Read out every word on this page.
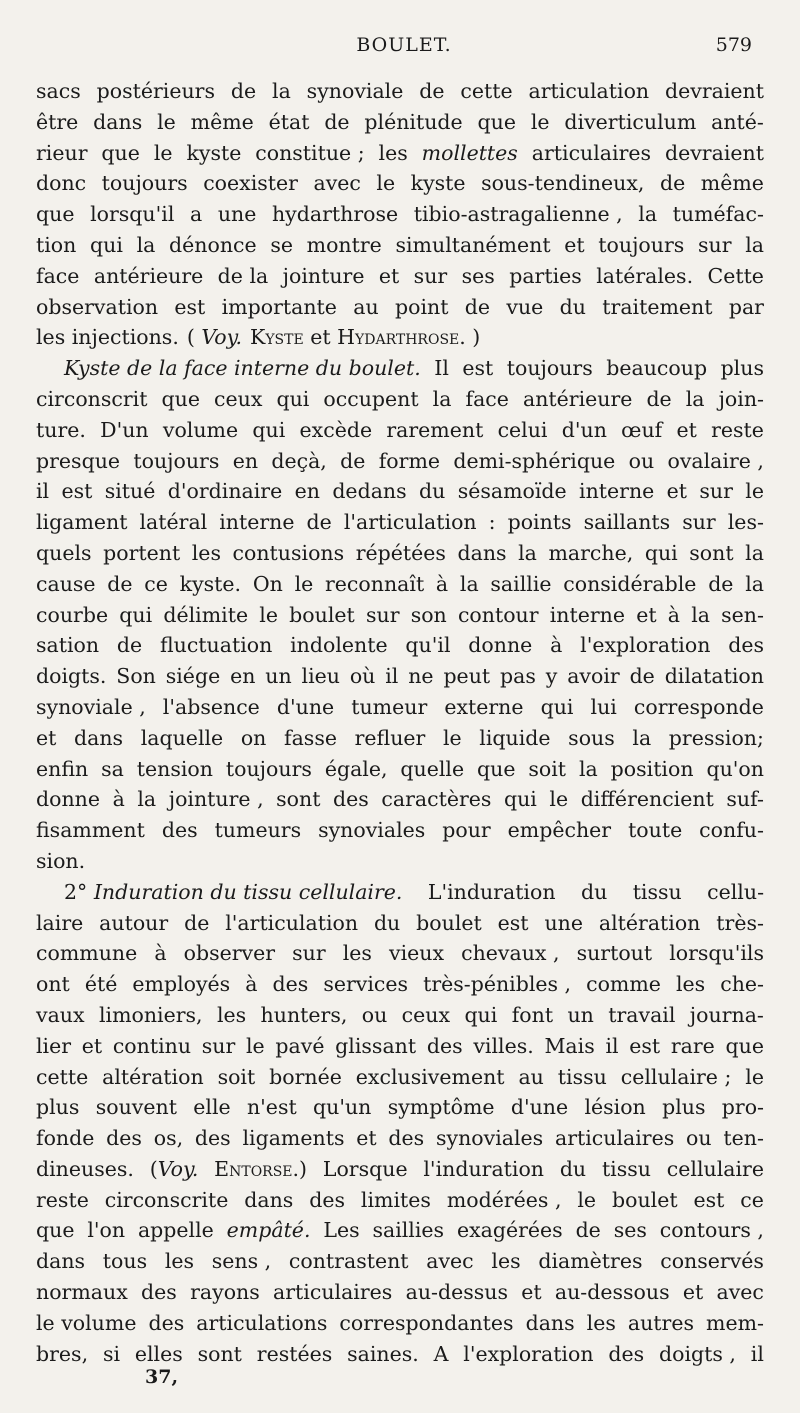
BOULET.	579
sacs postérieurs de la synoviale de cette articulation devraient
être dans le même état de plénitude que le diverticulum anté-
rieur que le kyste constitue ; les mollettes articulaires devraient
donc toujours coexister avec le kyste sous-tendineux, de même
que lorsqu'il a une hydarthrose tibio-astragalienne , la tuméfac-
tion qui la dénonce se montre simultanément et toujours sur la
face antérieure de la jointure et sur ses parties latérales. Cette
observation est importante au point de vue du traitement par
les injections. ( Voy. Kyste et Hydarthrose. )
Kyste de la face interne du boulet. Il est toujours beaucoup plus
circonscrit que ceux qui occupent la face antérieure de la join-
ture. D'un volume qui excède rarement celui d'un œuf et reste
presque toujours en deçà, de forme demi-sphérique ou ovalaire ,
il est situé d'ordinaire en dedans du sésamoïde interne et sur le
ligament latéral interne de l'articulation : points saillants sur les-
quels portent les contusions répétées dans la marche, qui sont la
cause de ce kyste. On le reconnaît à la saillie considérable de la
courbe qui délimite le boulet sur son contour interne et à la sen-
sation de fluctuation indolente qu'il donne à l'exploration des
doigts. Son siége en un lieu où il ne peut pas y avoir de dilatation
synoviale , l'absence d'une tumeur externe qui lui corresponde
et dans laquelle on fasse refluer le liquide sous la pression;
enfin sa tension toujours égale, quelle que soit la position qu'on
donne à la jointure , sont des caractères qui le différencient suf-
fisamment des tumeurs synoviales pour empêcher toute confu-
sion.
2° Induration du tissu cellulaire. L'induration du tissu cellu-
laire autour de l'articulation du boulet est une altération très-
commune à observer sur les vieux chevaux , surtout lorsqu'ils
ont été employés à des services très-pénibles , comme les che-
vaux limoniers, les hunters, ou ceux qui font un travail journa-
lier et continu sur le pavé glissant des villes. Mais il est rare que
cette altération soit bornée exclusivement au tissu cellulaire ; le
plus souvent elle n'est qu'un symptôme d'une lésion plus pro-
fonde des os, des ligaments et des synoviales articulaires ou ten-
dineuses. (Voy. Entorse.) Lorsque l'induration du tissu cellulaire
reste circonscrite dans des limites modérées , le boulet est ce
que l'on appelle empâté. Les saillies exagérées de ses contours ,
dans tous les sens , contrastent avec les diamètres conservés
normaux des rayons articulaires au-dessus et au-dessous et avec
le volume des articulations correspondantes dans les autres mem-
bres, si elles sont restées saines. A l'exploration des doigts , il
37,
